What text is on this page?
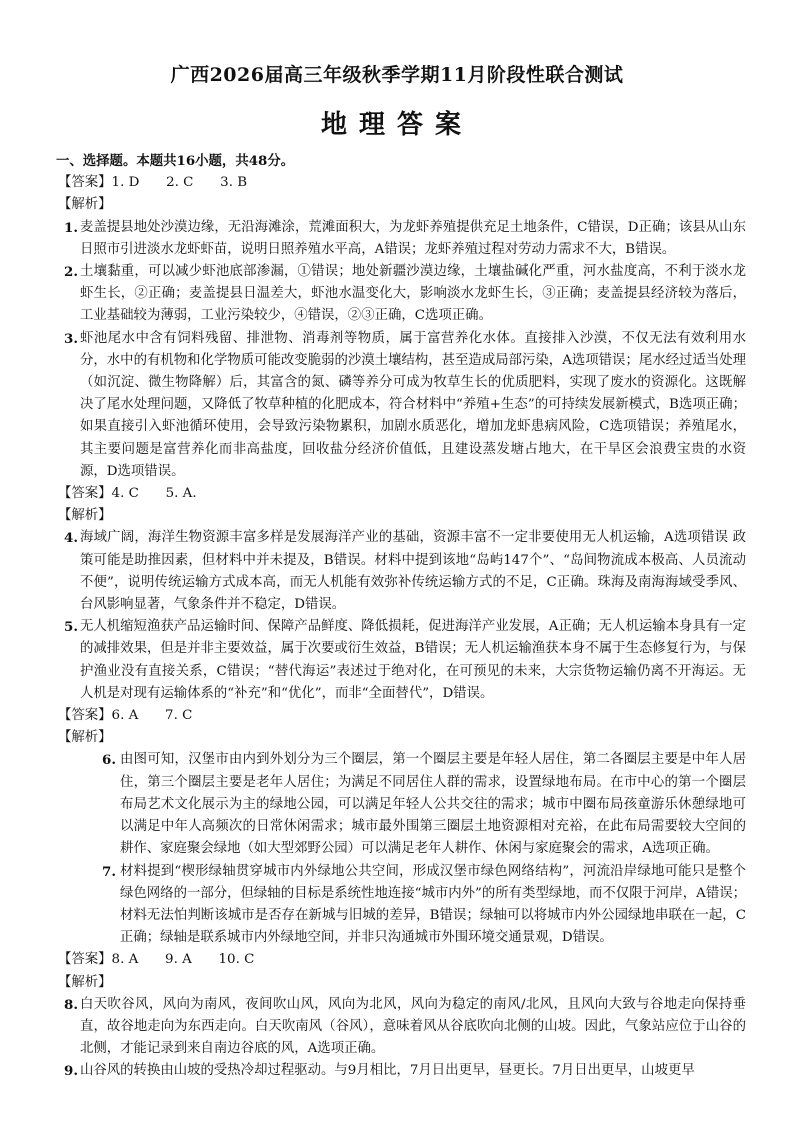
广西2026届高三年级秋季学期11月阶段性联合测试
地理答案
一、选择题。本题共16小题，共48分。
【答案】1. D　　2. C　　3. B
【解析】
1. 麦盖提县地处沙漠边缘，无沿海滩涂，荒滩面积大，为龙虾养殖提供充足土地条件，C错误，D正确；该县从山东日照市引进淡水龙虾虾苗，说明日照养殖水平高，A错误；龙虾养殖过程对劳动力需求不大，B错误。
2. 土壤黏重，可以减少虾池底部渗漏，①错误；地处新疆沙漠边缘，土壤盐碱化严重，河水盐度高，不利于淡水龙虾生长，②正确；麦盖提县日温差大，虾池水温变化大，影响淡水龙虾生长，③正确；麦盖提县经济较为落后，工业基础较为薄弱，工业污染较少，④错误，②③正确，C选项正确。
3. 虾池尾水中含有饲料残留、排泄物、消毒剂等物质，属于富营养化水体。直接排入沙漠，不仅无法有效利用水分，水中的有机物和化学物质可能改变脆弱的沙漠土壤结构，甚至造成局部污染，A选项错误；尾水经过适当处理（如沉淀、微生物降解）后，其富含的氮、磷等养分可成为牧草生长的优质肥料，实现了废水的资源化。这既解决了尾水处理问题，又降低了牧草种植的化肥成本，符合材料中“养殖+生态”的可持续发展新模式，B选项正确；如果直接引入虾池循环使用，会导致污染物累积，加剧水质恶化，增加龙虾患病风险，C选项错误；养殖尾水，其主要问题是富营养化而非高盐度，回收盐分经济价值低，且建设蒸发塘占地大，在干旱区会浪费宝贵的水资源，D选项错误。
【答案】4. C　　5. A.
【解析】
4. 海域广阔，海洋生物资源丰富多样是发展海洋产业的基础，资源丰富不一定非要使用无人机运输，A选项错误 政策可能是助推因素，但材料中并未提及，B错误。材料中提到该地“岛屿147个”、“岛间物流成本极高、人员流动不便”，说明传统运输方式成本高，而无人机能有效弥补传统运输方式的不足，C正确。珠海及南海海域受季风、台风影响显著，气象条件并不稳定，D错误。
5. 无人机缩短渔获产品运输时间、保障产品鲜度、降低损耗，促进海洋产业发展，A正确；无人机运输本身具有一定的减排效果，但是并非主要效益，属于次要或衍生效益，B错误；无人机运输渔获本身不属于生态修复行为，与保护渔业没有直接关系，C错误；“替代海运”表述过于绝对化，在可预见的未来，大宗货物运输仍离不开海运。无人机是对现有运输体系的“补充”和“优化”，而非“全面替代”，D错误。
【答案】6. A　　7. C
【解析】
6. 由图可知，汉堡市由内到外划分为三个圈层，第一个圈层主要是年轻人居住，第二各圈层主要是中年人居住，第三个圈层主要是老年人居住；为满足不同居住人群的需求，设置绿地布局。在市中心的第一个圈层布局艺术文化展示为主的绿地公园，可以满足年轻人公共交往的需求；城市中圈布局孩童游乐休憩绿地可以满足中年人高频次的日常休闲需求；城市最外围第三圈层土地资源相对充裕，在此布局需要较大空间的耕作、家庭聚会绿地（如大型郊野公园）可以满足老年人耕作、休闲与家庭聚会的需求，A选项正确。
7. 材料提到“楔形绿轴贯穿城市内外绿地公共空间，形成汉堡市绿色网络结构”，河流沿岸绿地可能只是整个绿色网络的一部分，但绿轴的目标是系统性地连接“城市内外”的所有类型绿地，而不仅限于河岸，A错误；材料无法怕判断该城市是否存在新城与旧城的差异，B错误；绿轴可以将城市内外公园绿地串联在一起，C正确；绿轴是联系城市内外绿地空间，并非只沟通城市外围环境交通景观，D错误。
【答案】8. A　　9. A　　10. C
【解析】
8. 白天吹谷风，风向为南风，夜间吹山风，风向为北风，风向为稳定的南风/北风，且风向大致与谷地走向保持垂直，故谷地走向为东西走向。白天吹南风（谷风），意味着风从谷底吹向北侧的山坡。因此，气象站应位于山谷的北侧，才能记录到来自南边谷底的风，A选项正确。
9. 山谷风的转换由山坡的受热冷却过程驱动。与9月相比，7月日出更早，昼更长。7月日出更早，山坡更早
